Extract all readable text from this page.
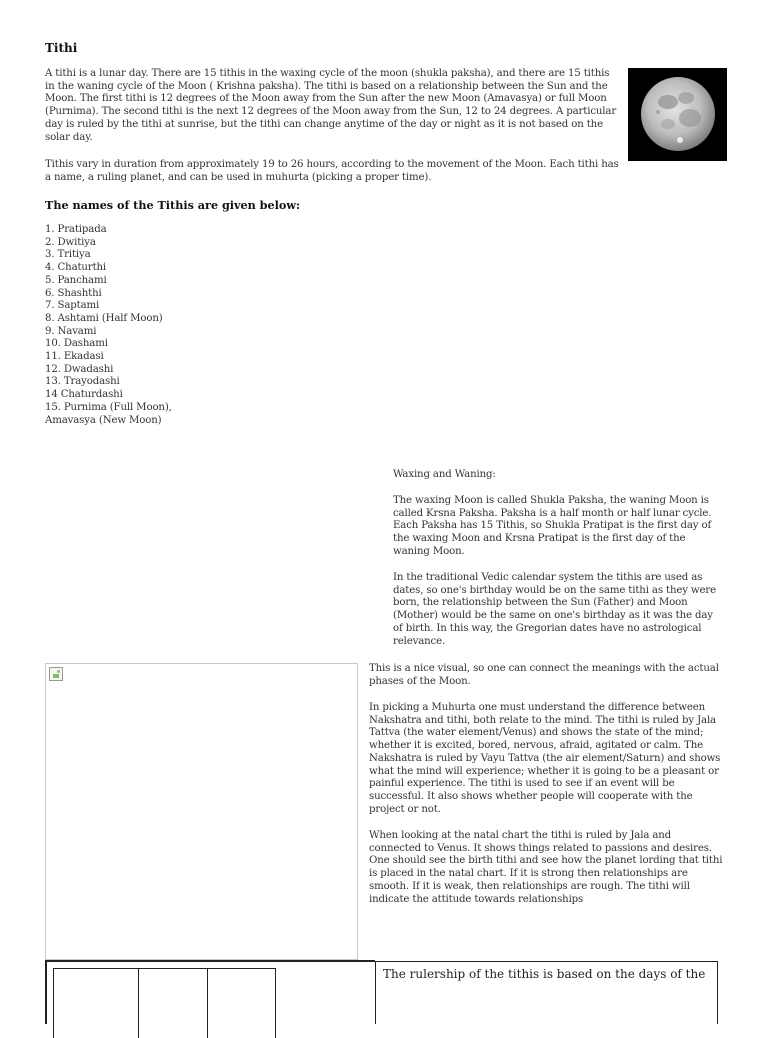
Tithi

A tithi is a lunar day. There are 15 tithis in the waxing cycle of the moon (shukla paksha), and there are 15 tithis in the waning cycle of the Moon ( Krishna paksha). The tithi is based on a relationship between the Sun and the Moon. The first tithi is 12 degrees of the Moon away from the Sun after the new Moon (Amavasya) or full Moon (Purnima). The second tithi is the next 12 degrees of the Moon away from the Sun, 12 to 24 degrees. A particular day is ruled by the tithi at sunrise, but the tithi can change anytime of the day or night as it is not based on the solar day.

Tithis vary in duration from approximately 19 to 26 hours, according to the movement of the Moon. Each tithi has a name, a ruling planet, and can be used in muhurta (picking a proper time).

The names of the Tithis are given below:
1. Pratipada
2. Dwitiya
3. Tritiya
4. Chaturthi
5. Panchami
6. Shashthi
7. Saptami
8. Ashtami (Half Moon)
9. Navami
10. Dashami
11. Ekadasi
12. Dwadashi
13. Trayodashi
14 Chaturdashi
15. Purnima (Full Moon),
Amavasya (New Moon)
Waxing and Waning:

The waxing Moon is called Shukla Paksha, the waning Moon is called Krsna Paksha. Paksha is a half month or half lunar cycle. Each Paksha has 15 Tithis, so Shukla Pratipat is the first day of the waxing Moon and Krsna Pratipat is the first day of the waning Moon.

In the traditional Vedic calendar system the tithis are used as dates, so one's birthday would be on the same tithi as they were born, the relationship between the Sun (Father) and Moon (Mother) would be the same on one's birthday as it was the day of birth. In this way, the Gregorian dates have no astrological relevance.

This is a nice visual, so one can connect the meanings with the actual phases of the Moon.

In picking a Muhurta one must understand the difference between Nakshatra and tithi, both relate to the mind. The tithi is ruled by Jala Tattva (the water element/Venus) and shows the state of the mind; whether it is excited, bored, nervous, afraid, agitated or calm. The Nakshatra is ruled by Vayu Tattva (the air element/Saturn) and shows what the mind will experience; whether it is going to be a pleasant or painful experience. The tithi is used to see if an event will be successful. It also shows whether people will cooperate with the project or not.

When looking at the natal chart the tithi is ruled by Jala and connected to Venus. It shows things related to passions and desires. One should see the birth tithi and see how the planet lording that tithi is placed in the natal chart. If it is strong then relationships are smooth. If it is weak, then relationships are rough. The tithi will indicate the attitude towards relationships

The rulership of the tithis is based on the days of the
